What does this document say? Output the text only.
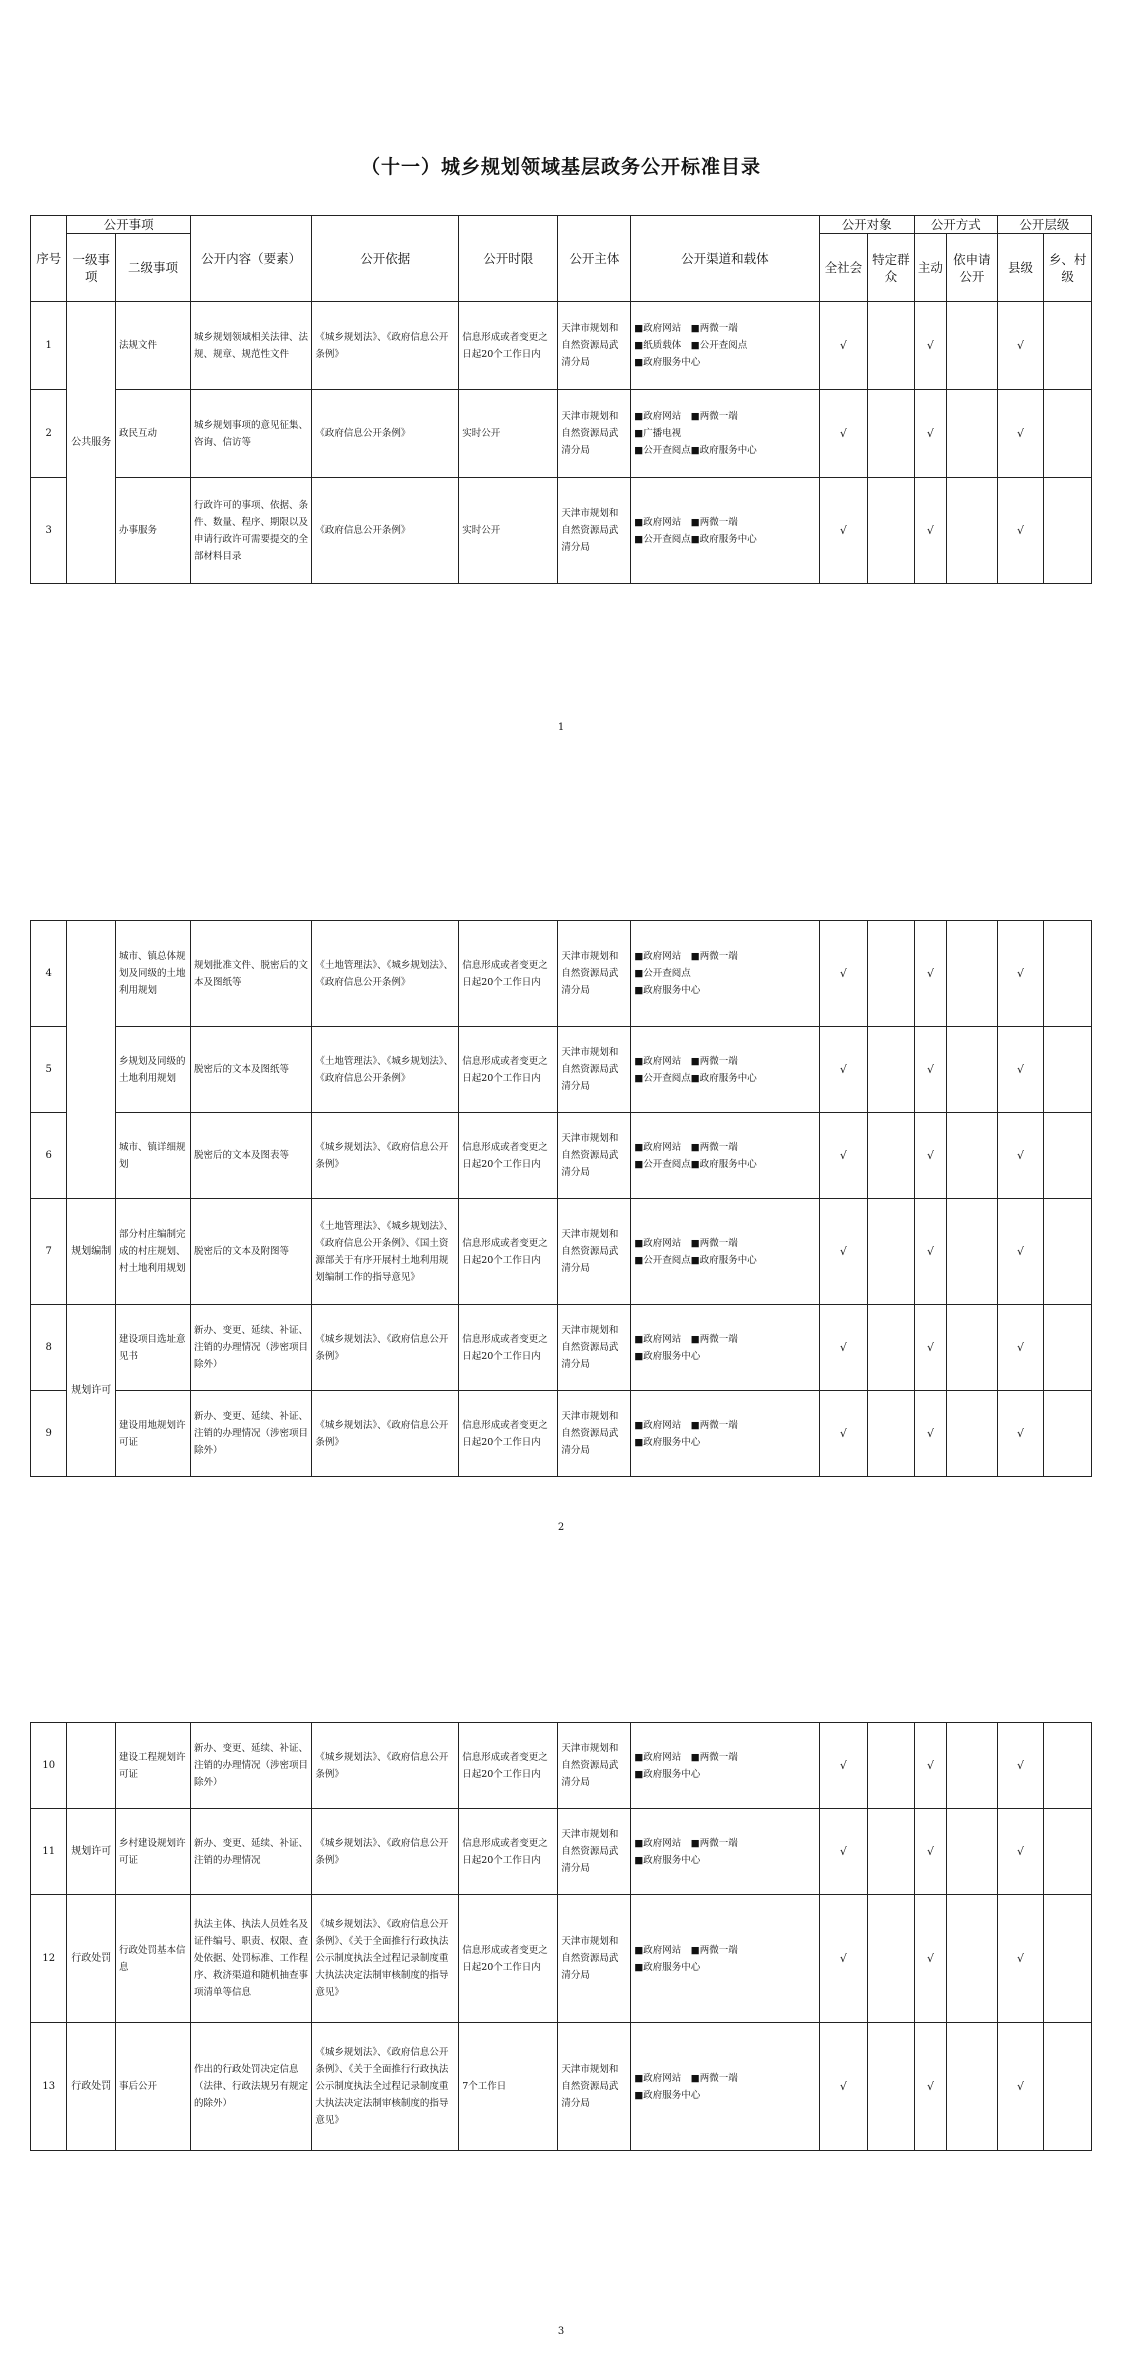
（十一）城乡规划领域基层政务公开标准目录
序号	公开事项		公开内容（要素）	公开依据	公开时限	公开主体	公开渠道和载体	公开对象		公开方式		公开层级	
	一级事项	二级事项						全社会	特定群众	主动	依申请公开	县级	乡、村级
1	公共服务	法规文件	城乡规划领域相关法律、法规、规章、规范性文件	《城乡规划法》、《政府信息公开条例》	信息形成或者变更之日起20个工作日内	天津市规划和自然资源局武清分局	■政府网站　■两微一端
■纸质载体　■公开查阅点
■政府服务中心	√		√		√	
2		政民互动	城乡规划事项的意见征集、咨询、信访等	《政府信息公开条例》	实时公开	天津市规划和自然资源局武清分局	■政府网站　■两微一端
■广播电视
■公开查阅点■政府服务中心	√		√		√	
3		办事服务	行政许可的事项、依据、条件、数量、程序、期限以及申请行政许可需要提交的全部材料目录	《政府信息公开条例》	实时公开	天津市规划和自然资源局武清分局	■政府网站　■两微一端
■公开查阅点■政府服务中心	√		√		√	
1
4		城市、镇总体规划及同级的土地利用规划	规划批准文件、脱密后的文本及图纸等	《土地管理法》、《城乡规划法》、《政府信息公开条例》	信息形成或者变更之日起20个工作日内	天津市规划和自然资源局武清分局	■政府网站　■两微一端
■公开查阅点
■政府服务中心	√		√		√	
5		乡规划及同级的土地利用规划	脱密后的文本及图纸等	《土地管理法》、《城乡规划法》、《政府信息公开条例》	信息形成或者变更之日起20个工作日内	天津市规划和自然资源局武清分局	■政府网站　■两微一端
■公开查阅点■政府服务中心	√		√		√	
6		城市、镇详细规划	脱密后的文本及图表等	《城乡规划法》、《政府信息公开条例》	信息形成或者变更之日起20个工作日内	天津市规划和自然资源局武清分局	■政府网站　■两微一端
■公开查阅点■政府服务中心	√		√		√	
7	规划编制	部分村庄编制完成的村庄规划、村土地利用规划	脱密后的文本及附图等	《土地管理法》、《城乡规划法》、《政府信息公开条例》、《国土资源部关于有序开展村土地利用规划编制工作的指导意见》	信息形成或者变更之日起20个工作日内	天津市规划和自然资源局武清分局	■政府网站　■两微一端
■公开查阅点■政府服务中心	√		√		√	
8	规划许可	建设项目选址意见书	新办、变更、延续、补证、注销的办理情况（涉密项目除外）	《城乡规划法》、《政府信息公开条例》	信息形成或者变更之日起20个工作日内	天津市规划和自然资源局武清分局	■政府网站　■两微一端
■政府服务中心	√		√		√	
9		建设用地规划许可证	新办、变更、延续、补证、注销的办理情况（涉密项目除外）	《城乡规划法》、《政府信息公开条例》	信息形成或者变更之日起20个工作日内	天津市规划和自然资源局武清分局	■政府网站　■两微一端
■政府服务中心	√		√		√	
2
10		建设工程规划许可证	新办、变更、延续、补证、注销的办理情况（涉密项目除外）	《城乡规划法》、《政府信息公开条例》	信息形成或者变更之日起20个工作日内	天津市规划和自然资源局武清分局	■政府网站　■两微一端
■政府服务中心	√		√		√	
11	规划许可	乡村建设规划许可证	新办、变更、延续、补证、注销的办理情况	《城乡规划法》、《政府信息公开条例》	信息形成或者变更之日起20个工作日内	天津市规划和自然资源局武清分局	■政府网站　■两微一端
■政府服务中心	√		√		√	
12	行政处罚	行政处罚基本信息	执法主体、执法人员姓名及证件编号、职责、权限、查处依据、处罚标准、工作程序、救济渠道和随机抽查事项清单等信息	《城乡规划法》、《政府信息公开条例》、《关于全面推行行政执法公示制度执法全过程记录制度重大执法决定法制审核制度的指导意见》	信息形成或者变更之日起20个工作日内	天津市规划和自然资源局武清分局	■政府网站　■两微一端
■政府服务中心	√		√		√	
13	行政处罚	事后公开	作出的行政处罚决定信息（法律、行政法规另有规定的除外）	《城乡规划法》、《政府信息公开条例》、《关于全面推行行政执法公示制度执法全过程记录制度重大执法决定法制审核制度的指导意见》	7个工作日	天津市规划和自然资源局武清分局	■政府网站　■两微一端
■政府服务中心	√		√		√	
3
